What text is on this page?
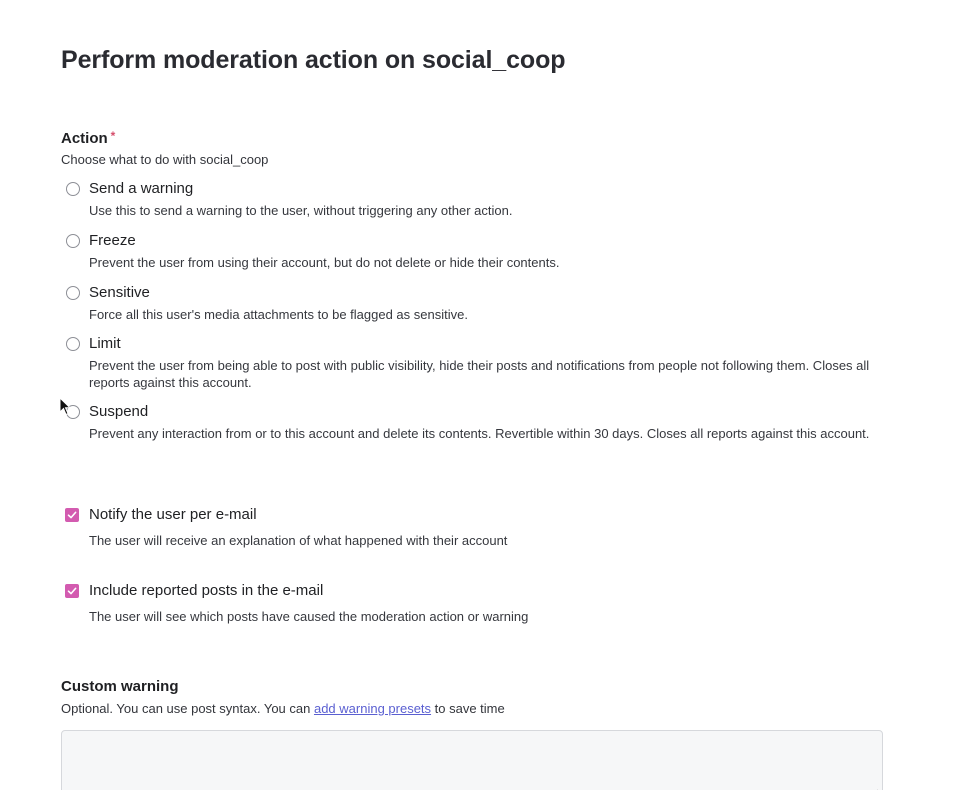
Perform moderation action on social_coop
Action *
Choose what to do with social_coop
Send a warning
Use this to send a warning to the user, without triggering any other action.
Freeze
Prevent the user from using their account, but do not delete or hide their contents.
Sensitive
Force all this user's media attachments to be flagged as sensitive.
Limit
Prevent the user from being able to post with public visibility, hide their posts and notifications from people not following them. Closes all reports against this account.
Suspend
Prevent any interaction from or to this account and delete its contents. Revertible within 30 days. Closes all reports against this account.
Notify the user per e-mail
The user will receive an explanation of what happened with their account
Include reported posts in the e-mail
The user will see which posts have caused the moderation action or warning
Custom warning
Optional. You can use post syntax. You can add warning presets to save time
